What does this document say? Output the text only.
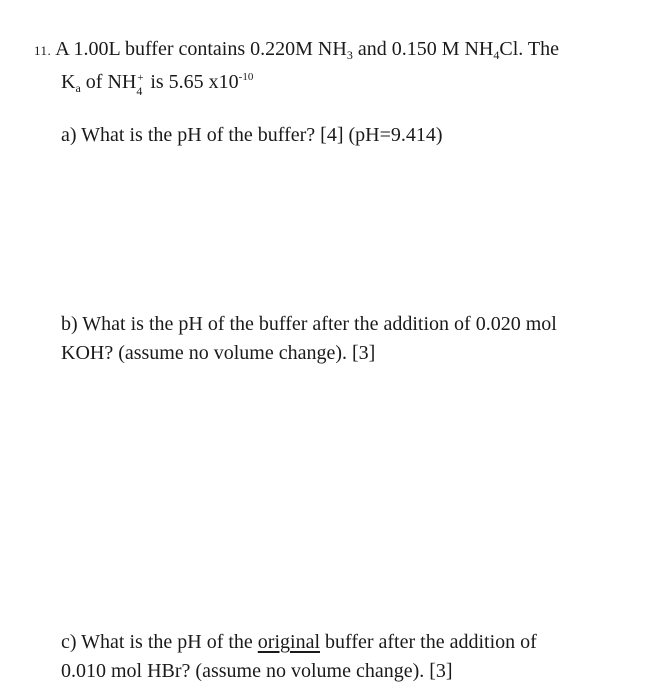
11. A 1.00L buffer contains 0.220M $NH_3$ and 0.150 M $NH_4Cl$. The
$K_a$ of NH +
4 is 5.65 $x10^{-10}$
a) What is the pH of the buffer? [4] (pH=9.414)
b) What is the pH of the buffer after the addition of 0.020 mol
KOH? (assume no volume change). [3]
c) What is the pH of the original buffer after the addition of
0.010 mol HBr? (assume no volume change). [3]
